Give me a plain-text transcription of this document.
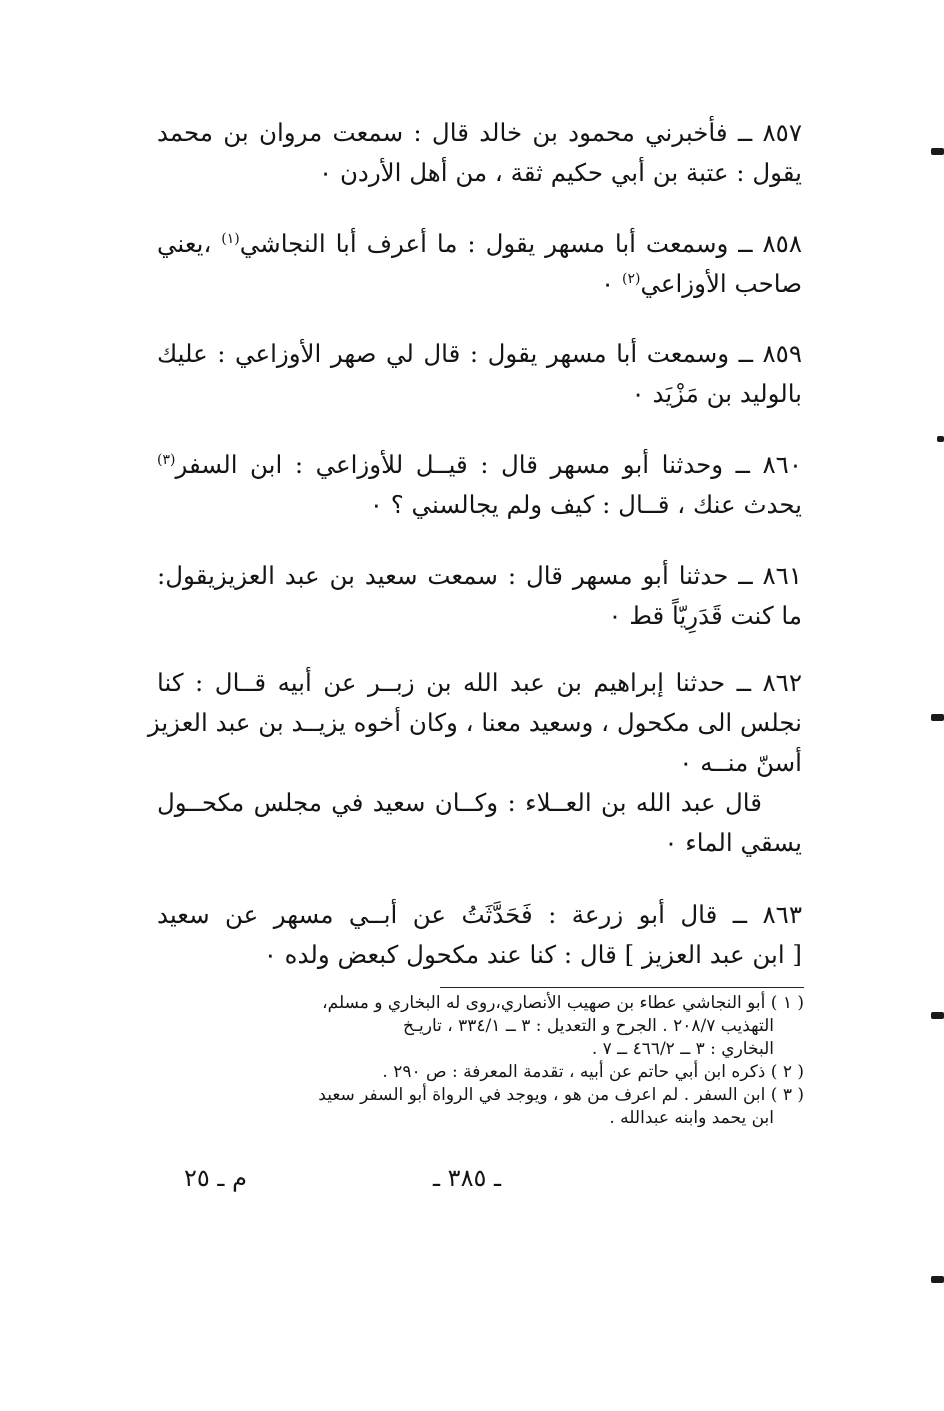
٨٥٧ ــ فأخبرني محمود بن خالد قال : سمعت مروان بن محمد
يقول : عتبة بن أبي حكيم ثقة ، من أهل الأردن ٠
٨٥٨ ــ وسمعت أبا مسهر يقول : ما أعرف أبا النجاشي$^{(١)}$ ،يعني
صاحب الأوزاعي$^{(٢)}$ ٠
٨٥٩ ــ وسمعت أبا مسهر يقول : قال لي صهر الأوزاعي : عليك
بالوليد بن مَزْيَد ٠
٨٦٠ ــ وحدثنا أبو مسهر قال : قيــل للأوزاعي : ابن السفر$^{(٣)}$
يحدث عنك ، قــال : كيف ولم يجالسني ؟ ٠
٨٦١ ــ حدثنا أبو مسهر قال : سمعت سعيد بن عبد العزيزيقول:
ما كنت قَدَرِيّاً قط ٠
٨٦٢ ــ حدثنا إبراهيم بن عبد الله بن زبــر عن أبيه قــال : كنا
نجلس الى مكحول ، وسعيد معنا ، وكان أخوه يزيــد بن عبد العزيز
أسنّ منــه ٠
قال عبد الله بن العــلاء : وكــان سعيد في مجلس مكحــول
يسقي الماء ٠
٨٦٣ ــ قال أبو زرعة : فَحَدَّثَتُ عن أبــي مسهر عن سعيد
[ ابن عبد العزيز ] قال : كنا عند مكحول كبعض ولده ٠
( ١ ) أبو النجاشي عطاء بن صهيب الأنصاري،روى له البخاري و مسلم،
التهذيب ٢٠٨/٧ . الجرح و التعديل : ٣ ــ ٣٣٤/١ ، تاريـخ
البخاري : ٣ ــ ٤٦٦/٢ ــ ٧ .
( ٢ ) ذكره ابن أبي حاتم عن أبيه ، تقدمة المعرفة : ص ٢٩٠ .
( ٣ ) ابن السفر . لم اعرف من هو ، ويوجد في الرواة أبو السفر سعيد
ابن يحمد وابنه عبدالله .
ـ ٣٨٥ ـ
م ـ ٢٥
